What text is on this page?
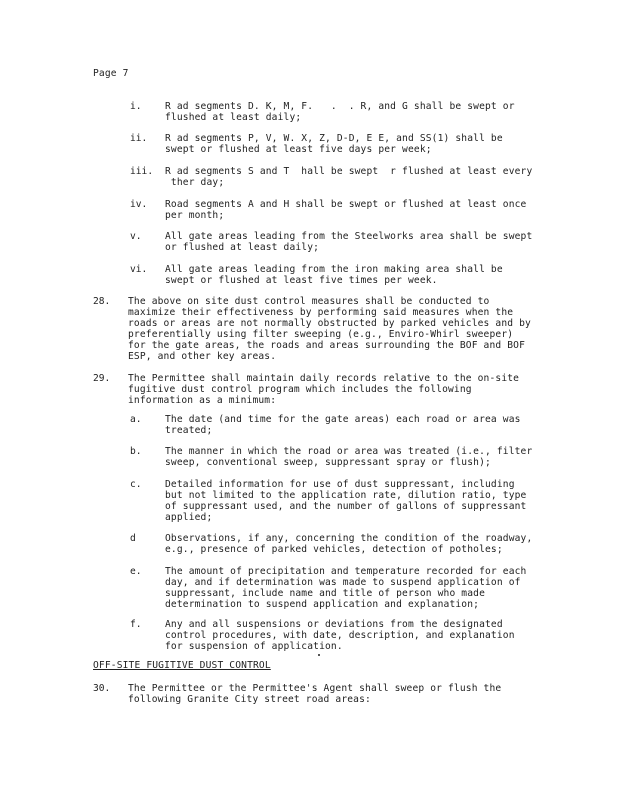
Page 7
i. R ad segments D. K, M, F.   .  . R, and G shall be swept or
flushed at least daily;
ii. R ad segments P, V, W. X, Z, D-D, E E, and SS(1) shall be
swept or flushed at least five days per week;
iii. R ad segments S and T  hall be swept  r flushed at least every
ther day;
iv. Road segments A and H shall be swept or flushed at least once
per month;
v. All gate areas leading from the Steelworks area shall be swept
or flushed at least daily;
vi. All gate areas leading from the iron making area shall be
swept or flushed at least five times per week.
28. The above on site dust control measures shall be conducted to
maximize their effectiveness by performing said measures when the
roads or areas are not normally obstructed by parked vehicles and by
preferentially using filter sweeping (e.g., Enviro-Whirl sweeper)
for the gate areas, the roads and areas surrounding the BOF and BOF
ESP, and other key areas.
29. The Permittee shall maintain daily records relative to the on-site
fugitive dust control program which includes the following
information as a minimum:
a. The date (and time for the gate areas) each road or area was
treated;
b. The manner in which the road or area was treated (i.e., filter
sweep, conventional sweep, suppressant spray or flush);
c. Detailed information for use of dust suppressant, including
but not limited to the application rate, dilution ratio, type
of suppressant used, and the number of gallons of suppressant
applied;
d	Observations, if any, concerning the condition of the roadway,
e.g., presence of parked vehicles, detection of potholes;
e. The amount of precipitation and temperature recorded for each
day, and if determination was made to suspend application of
suppressant, include name and title of person who made
determination to suspend application and explanation;
f. Any and all suspensions or deviations from the designated
control procedures, with date, description, and explanation
for suspension of application.
OFF-SITE FUGITIVE DUST CONTROL
30. The Permittee or the Permittee's Agent shall sweep or flush the
following Granite City street road areas:
